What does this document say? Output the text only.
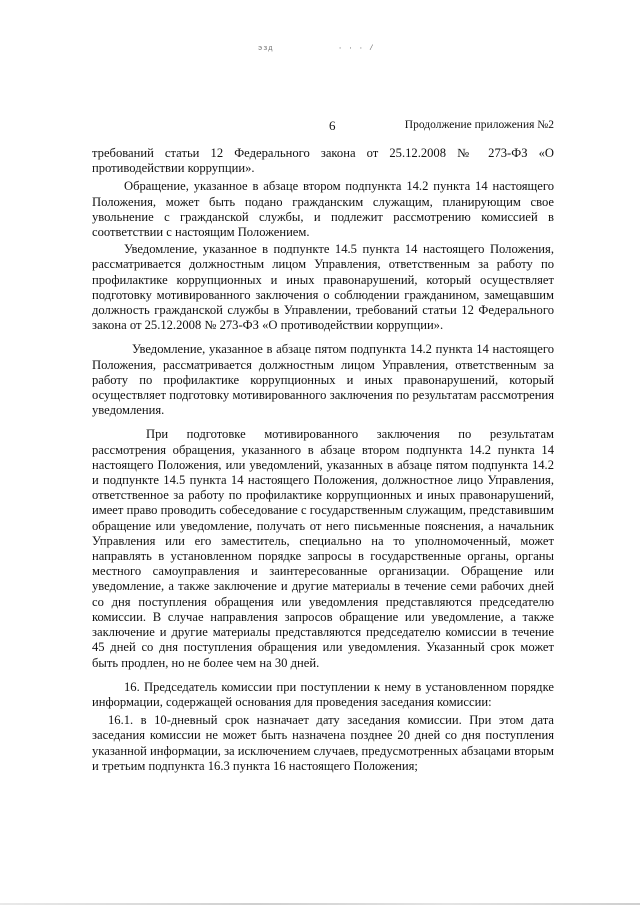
эзд	· · · /
6	Продолжение приложения №2

требований статьи 12 Федерального закона от 25.12.2008 № 273-ФЗ «О противодействии коррупции».

Обращение, указанное в абзаце втором подпункта 14.2 пункта 14 настоящего Положения, может быть подано гражданским служащим, планирующим свое увольнение с гражданской службы, и подлежит рассмотрению комиссией в соответствии с настоящим Положением.

Уведомление, указанное в подпункте 14.5 пункта 14 настоящего Положения, рассматривается должностным лицом Управления, ответственным за работу по профилактике коррупционных и иных правонарушений, который осуществляет подготовку мотивированного заключения о соблюдении гражданином, замещавшим должность гражданской службы в Управлении, требований статьи 12 Федерального закона от 25.12.2008 № 273-ФЗ «О противодействии коррупции».

Уведомление, указанное в абзаце пятом подпункта 14.2 пункта 14 настоящего Положения, рассматривается должностным лицом Управления, ответственным за работу по профилактике коррупционных и иных правонарушений, который осуществляет подготовку мотивированного заключения по результатам рассмотрения уведомления.

При подготовке мотивированного заключения по результатам рассмотрения обращения, указанного в абзаце втором подпункта 14.2 пункта 14 настоящего Положения, или уведомлений, указанных в абзаце пятом подпункта 14.2 и подпункте 14.5 пункта 14 настоящего Положения, должностное лицо Управления, ответственное за работу по профилактике коррупционных и иных правонарушений, имеет право проводить собеседование с государственным служащим, представившим обращение или уведомление, получать от него письменные пояснения, а начальник Управления или его заместитель, специально на то уполномоченный, может направлять в установленном порядке запросы в государственные органы, органы местного самоуправления и заинтересованные организации. Обращение или уведомление, а также заключение и другие материалы в течение семи рабочих дней со дня поступления обращения или уведомления представляются председателю комиссии. В случае направления запросов обращение или уведомление, а также заключение и другие материалы представляются председателю комиссии в течение 45 дней со дня поступления обращения или уведомления. Указанный срок может быть продлен, но не более чем на 30 дней.

16. Председатель комиссии при поступлении к нему в установленном порядке информации, содержащей основания для проведения заседания комиссии:

16.1. в 10-дневный срок назначает дату заседания комиссии. При этом дата заседания комиссии не может быть назначена позднее 20 дней со дня поступления указанной информации, за исключением случаев, предусмотренных абзацами вторым и третьим подпункта 16.3 пункта 16 настоящего Положения;
